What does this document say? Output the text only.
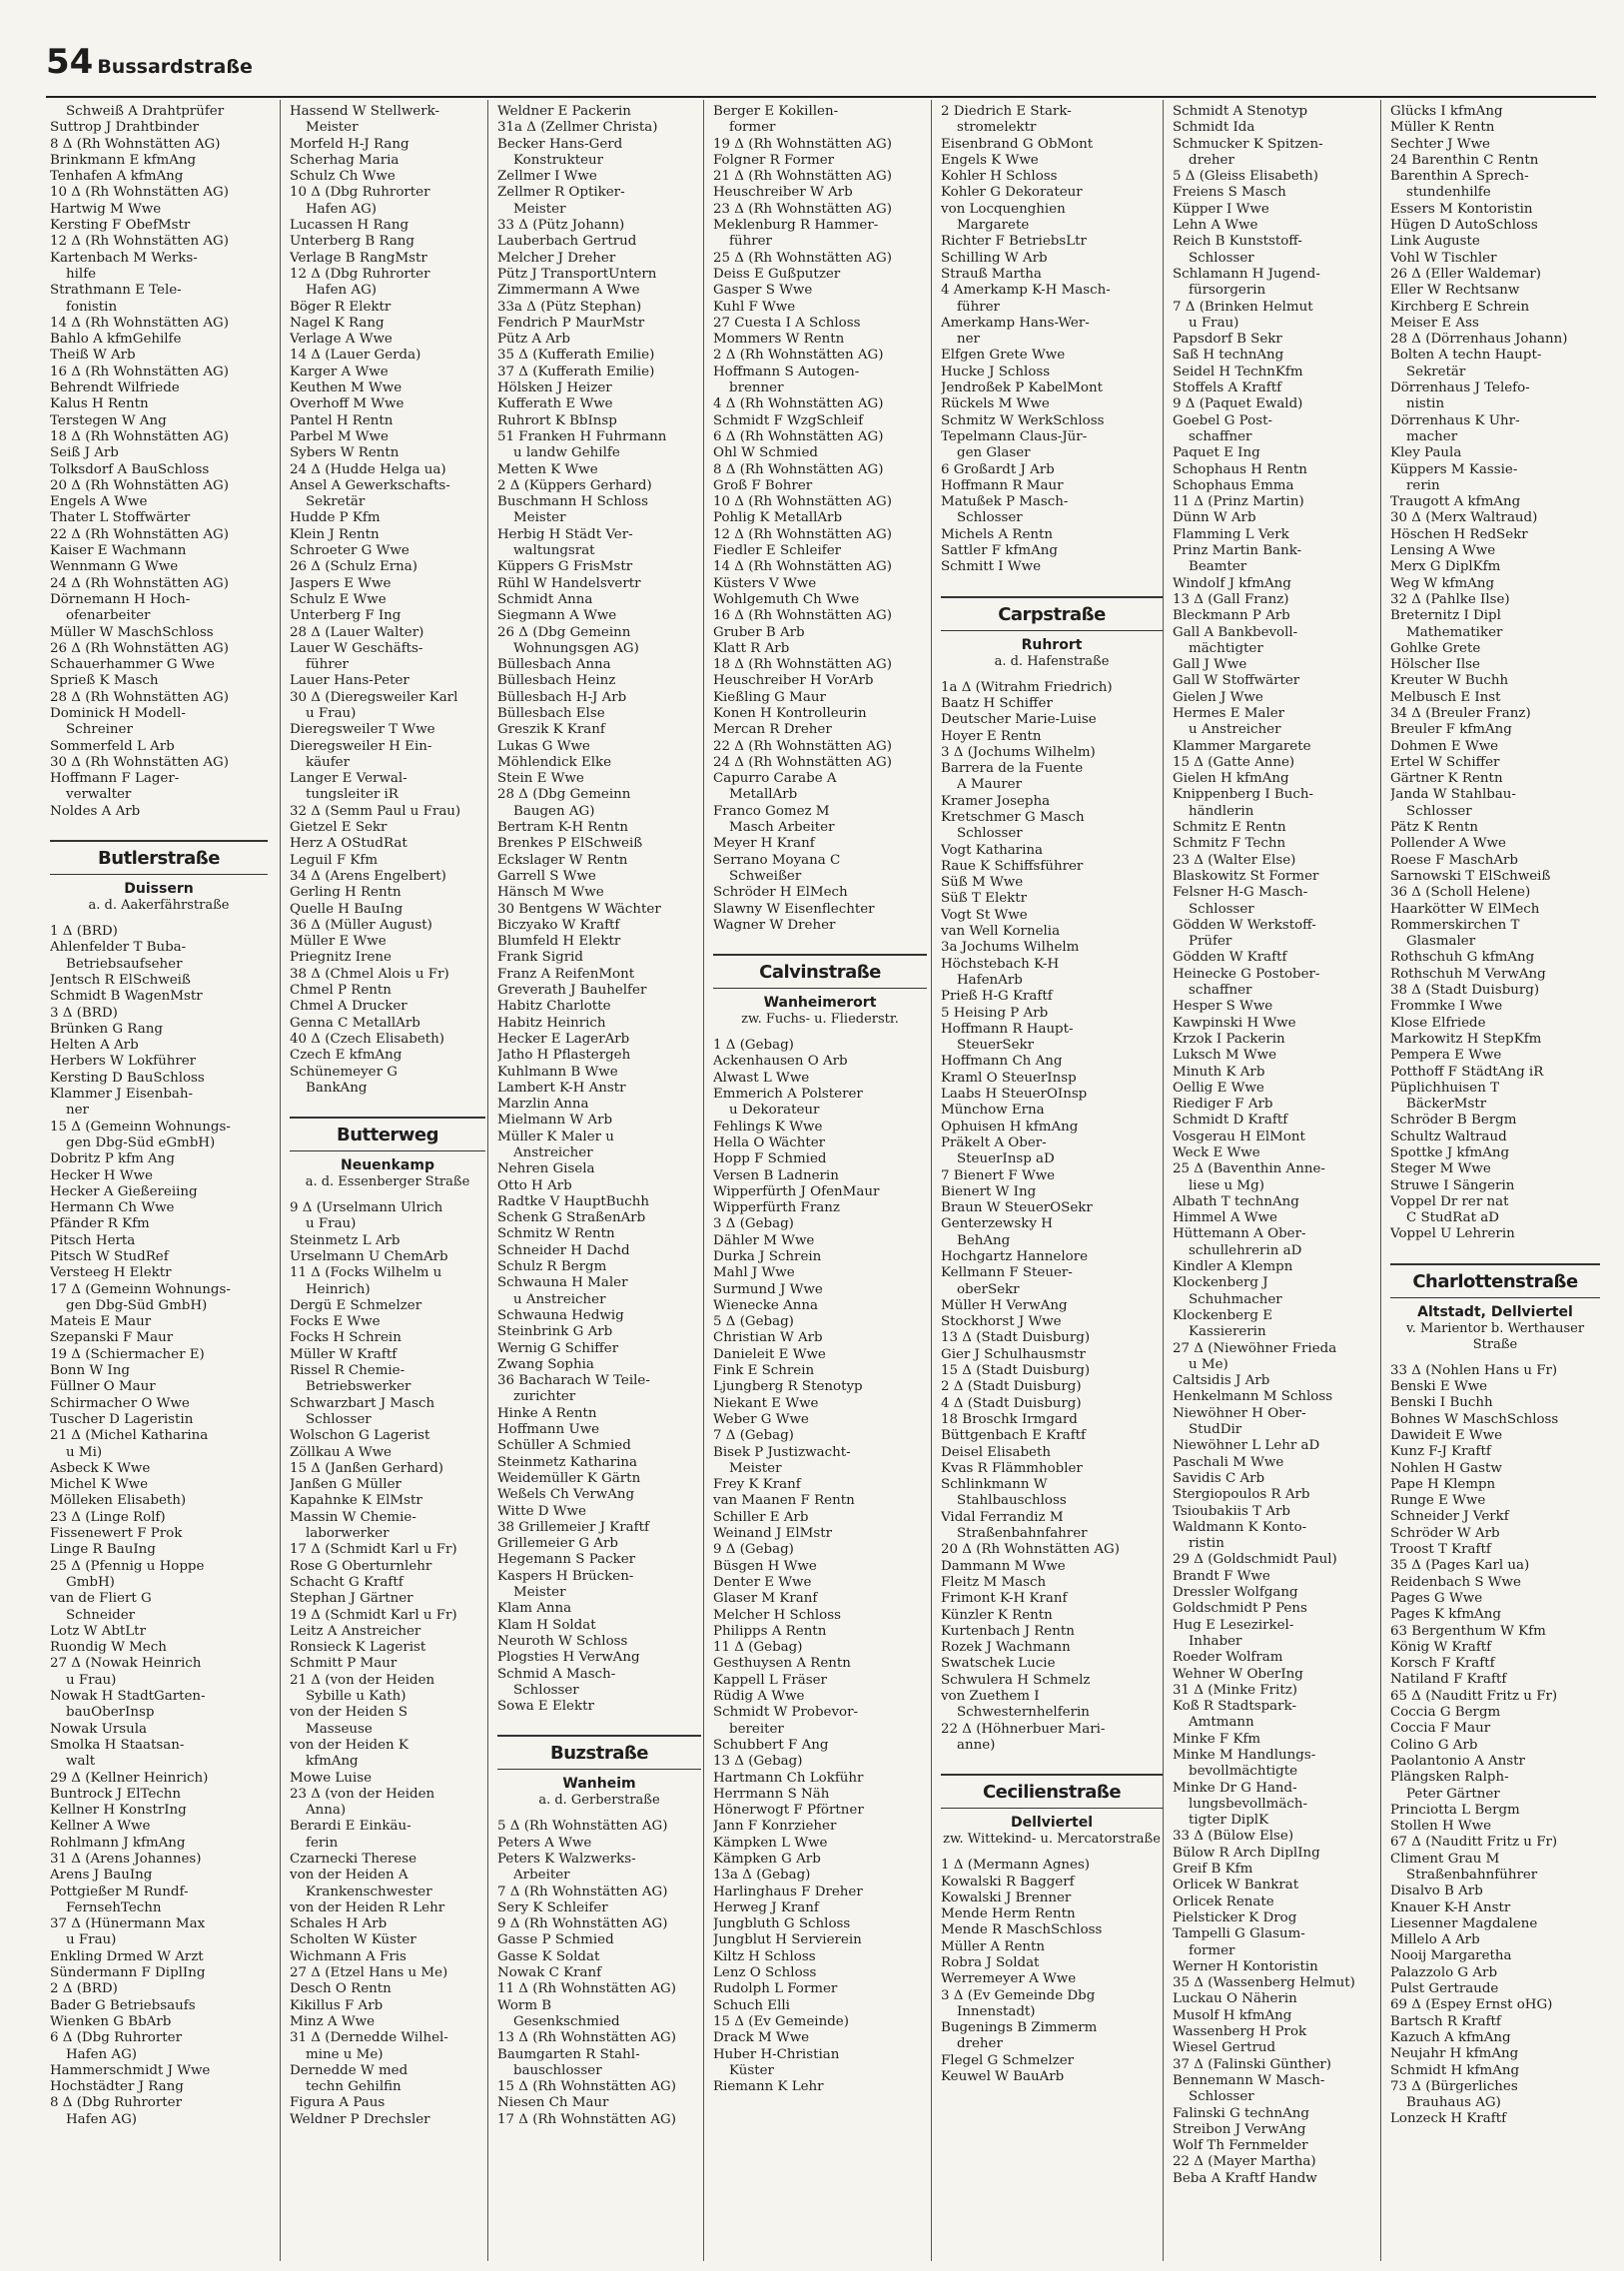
54 Bussardstraße
Schweiß A Drahtprüfer
Suttrop J Drahtbinder
8 Δ (Rh Wohnstätten AG)
Brinkmann E kfmAng
Tenhafen A kfmAng
10 Δ (Rh Wohnstätten AG)
Hartwig M Wwe
Kersting F ObefMstr
12 Δ (Rh Wohnstätten AG)
Kartenbach M Werks-
hilfe
Strathmann E Tele-
fonistin
14 Δ (Rh Wohnstätten AG)
Bahlo A kfmGehilfe
Theiß W Arb
16 Δ (Rh Wohnstätten AG)
Behrendt Wilfriede
Kalus H Rentn
Terstegen W Ang
18 Δ (Rh Wohnstätten AG)
Seiß J Arb
Tolksdorf A BauSchloss
20 Δ (Rh Wohnstätten AG)
Engels A Wwe
Thater L Stoffwärter
22 Δ (Rh Wohnstätten AG)
Kaiser E Wachmann
Wennmann G Wwe
24 Δ (Rh Wohnstätten AG)
Dörnemann H Hoch-
ofenarbeiter
Müller W MaschSchloss
26 Δ (Rh Wohnstätten AG)
Schauerhammer G Wwe
Sprieß K Masch
28 Δ (Rh Wohnstätten AG)
Dominick H Modell-
Schreiner
Sommerfeld L Arb
30 Δ (Rh Wohnstätten AG)
Hoffmann F Lager-
verwalter
Noldes A Arb
Butlerstraße
Duissern
a. d. Aakerfährstraße
1 Δ (BRD)
Ahlenfelder T Buba-
Betriebsaufseher
Jentsch R ElSchweiß
Schmidt B WagenMstr
3 Δ (BRD)
Brünken G Rang
Helten A Arb
Herbers W Lokführer
Kersting D BauSchloss
Klammer J Eisenbah-
ner
15 Δ (Gemeinn Wohnungs-
gen Dbg-Süd eGmbH)
Dobritz P kfm Ang
Hecker H Wwe
Hecker A Gießereiing
Hermann Ch Wwe
Pfänder R Kfm
Pitsch Herta
Pitsch W StudRef
Versteeg H Elektr
17 Δ (Gemeinn Wohnungs-
gen Dbg-Süd GmbH)
Mateis E Maur
Szepanski F Maur
19 Δ (Schiermacher E)
Bonn W Ing
Füllner O Maur
Schirmacher O Wwe
Tuscher D Lageristin
21 Δ (Michel Katharina
u Mi)
Asbeck K Wwe
Michel K Wwe
Mölleken Elisabeth)
23 Δ (Linge Rolf)
Fissenewert F Prok
Linge R BauIng
25 Δ (Pfennig u Hoppe
GmbH)
van de Fliert G
Schneider
Lotz W AbtLtr
Ruondig W Mech
27 Δ (Nowak Heinrich
u Frau)
Nowak H StadtGarten-
bauOberInsp
Nowak Ursula
Smolka H Staatsan-
walt
29 Δ (Kellner Heinrich)
Buntrock J ElTechn
Kellner H KonstrIng
Kellner A Wwe
Rohlmann J kfmAng
31 Δ (Arens Johannes)
Arens J BauIng
Pottgießer M Rundf-
FernsehTechn
37 Δ (Hünermann Max
u Frau)
Enkling Drmed W Arzt
Sündermann F DiplIng
2 Δ (BRD)
Bader G Betriebsaufs
Wienken G BbArb
6 Δ (Dbg Ruhrorter
Hafen AG)
Hammerschmidt J Wwe
Hochstädter J Rang
8 Δ (Dbg Ruhrorter
Hafen AG)
Hassend W Stellwerk-
Meister
Morfeld H-J Rang
Scherhag Maria
Schulz Ch Wwe
10 Δ (Dbg Ruhrorter
Hafen AG)
Lucassen H Rang
Unterberg B Rang
Verlage B RangMstr
12 Δ (Dbg Ruhrorter
Hafen AG)
Böger R Elektr
Nagel K Rang
Verlage A Wwe
14 Δ (Lauer Gerda)
Karger A Wwe
Keuthen M Wwe
Overhoff M Wwe
Pantel H Rentn
Parbel M Wwe
Sybers W Rentn
24 Δ (Hudde Helga ua)
Ansel A Gewerkschafts-
Sekretär
Hudde P Kfm
Klein J Rentn
Schroeter G Wwe
26 Δ (Schulz Erna)
Jaspers E Wwe
Schulz E Wwe
Unterberg F Ing
28 Δ (Lauer Walter)
Lauer W Geschäfts-
führer
Lauer Hans-Peter
30 Δ (Dieregsweiler Karl
u Frau)
Dieregsweiler T Wwe
Dieregsweiler H Ein-
käufer
Langer E Verwal-
tungsleiter iR
32 Δ (Semm Paul u Frau)
Gietzel E Sekr
Herz A OStudRat
Leguil F Kfm
34 Δ (Arens Engelbert)
Gerling H Rentn
Quelle H BauIng
36 Δ (Müller August)
Müller E Wwe
Priegnitz Irene
38 Δ (Chmel Alois u Fr)
Chmel P Rentn
Chmel A Drucker
Genna C MetallArb
40 Δ (Czech Elisabeth)
Czech E kfmAng
Schünemeyer G
BankAng
Butterweg
Neuenkamp
a. d. Essenberger Straße
9 Δ (Urselmann Ulrich
u Frau)
Steinmetz L Arb
Urselmann U ChemArb
11 Δ (Focks Wilhelm u
Heinrich)
Dergü E Schmelzer
Focks E Wwe
Focks H Schrein
Müller W Kraftf
Rissel R Chemie-
Betriebswerker
Schwarzbart J Masch
Schlosser
Wolschon G Lagerist
Zöllkau A Wwe
15 Δ (Janßen Gerhard)
Janßen G Müller
Kapahnke K ElMstr
Massin W Chemie-
laborwerker
17 Δ (Schmidt Karl u Fr)
Rose G Oberturnlehr
Schacht G Kraftf
Stephan J Gärtner
19 Δ (Schmidt Karl u Fr)
Leitz A Anstreicher
Ronsieck K Lagerist
Schmitt P Maur
21 Δ (von der Heiden
Sybille u Kath)
von der Heiden S
Masseuse
von der Heiden K
kfmAng
Mowe Luise
23 Δ (von der Heiden
Anna)
Berardi E Einkäu-
ferin
Czarnecki Therese
von der Heiden A
Krankenschwester
von der Heiden R Lehr
Schales H Arb
Scholten W Küster
Wichmann A Fris
27 Δ (Etzel Hans u Me)
Desch O Rentn
Kikillus F Arb
Minz A Wwe
31 Δ (Dernedde Wilhel-
mine u Me)
Dernedde W med
techn Gehilfin
Figura A Paus
Weldner P Drechsler
Weldner E Packerin
31a Δ (Zellmer Christa)
Becker Hans-Gerd
Konstrukteur
Zellmer I Wwe
Zellmer R Optiker-
Meister
33 Δ (Pütz Johann)
Lauberbach Gertrud
Melcher J Dreher
Pütz J TransportUntern
Zimmermann A Wwe
33a Δ (Pütz Stephan)
Fendrich P MaurMstr
Pütz A Arb
35 Δ (Kufferath Emilie)
37 Δ (Kufferath Emilie)
Hölsken J Heizer
Kufferath E Wwe
Ruhrort K BbInsp
51 Franken H Fuhrmann
u landw Gehilfe
Metten K Wwe
2 Δ (Küppers Gerhard)
Buschmann H Schloss
Meister
Herbig H Städt Ver-
waltungsrat
Küppers G FrisMstr
Rühl W Handelsvertr
Schmidt Anna
Siegmann A Wwe
26 Δ (Dbg Gemeinn
Wohnungsgen AG)
Büllesbach Anna
Büllesbach Heinz
Büllesbach H-J Arb
Büllesbach Else
Greszik K Kranf
Lukas G Wwe
Möhlendick Elke
Stein E Wwe
28 Δ (Dbg Gemeinn
Baugen AG)
Bertram K-H Rentn
Brenkes P ElSchweiß
Eckslager W Rentn
Garrell S Wwe
Hänsch M Wwe
30 Bentgens W Wächter
Biczyako W Kraftf
Blumfeld H Elektr
Frank Sigrid
Franz A ReifenMont
Greverath J Bauhelfer
Habitz Charlotte
Habitz Heinrich
Hecker E LagerArb
Jatho H Pflastergeh
Kuhlmann B Wwe
Lambert K-H Anstr
Marzlin Anna
Mielmann W Arb
Müller K Maler u
Anstreicher
Nehren Gisela
Otto H Arb
Radtke V HauptBuchh
Schenk G StraßenArb
Schmitz W Rentn
Schneider H Dachd
Schulz R Bergm
Schwauna H Maler
u Anstreicher
Schwauna Hedwig
Steinbrink G Arb
Wernig G Schiffer
Zwang Sophia
36 Bacharach W Teile-
zurichter
Hinke A Rentn
Hoffmann Uwe
Schüller A Schmied
Steinmetz Katharina
Weidemüller K Gärtn
Weßels Ch VerwAng
Witte D Wwe
38 Grillemeier J Kraftf
Grillemeier G Arb
Hegemann S Packer
Kaspers H Brücken-
Meister
Klam Anna
Klam H Soldat
Neuroth W Schloss
Plogsties H VerwAng
Schmid A Masch-
Schlosser
Sowa E Elektr
Buzstraße
Wanheim
a. d. Gerberstraße
5 Δ (Rh Wohnstätten AG)
Peters A Wwe
Peters K Walzwerks-
Arbeiter
7 Δ (Rh Wohnstätten AG)
Sery K Schleifer
9 Δ (Rh Wohnstätten AG)
Gasse P Schmied
Gasse K Soldat
Nowak C Kranf
11 Δ (Rh Wohnstätten AG)
Worm B
Gesenkschmied
13 Δ (Rh Wohnstätten AG)
Baumgarten R Stahl-
bauschlosser
15 Δ (Rh Wohnstätten AG)
Niesen Ch Maur
17 Δ (Rh Wohnstätten AG)
Berger E Kokillen-
former
19 Δ (Rh Wohnstätten AG)
Folgner R Former
21 Δ (Rh Wohnstätten AG)
Heuschreiber W Arb
23 Δ (Rh Wohnstätten AG)
Meklenburg R Hammer-
führer
25 Δ (Rh Wohnstätten AG)
Deiss E Gußputzer
Gasper S Wwe
Kuhl F Wwe
27 Cuesta I A Schloss
Mommers W Rentn
2 Δ (Rh Wohnstätten AG)
Hoffmann S Autogen-
brenner
4 Δ (Rh Wohnstätten AG)
Schmidt F WzgSchleif
6 Δ (Rh Wohnstätten AG)
Ohl W Schmied
8 Δ (Rh Wohnstätten AG)
Groß F Bohrer
10 Δ (Rh Wohnstätten AG)
Pohlig K MetallArb
12 Δ (Rh Wohnstätten AG)
Fiedler E Schleifer
14 Δ (Rh Wohnstätten AG)
Küsters V Wwe
Wohlgemuth Ch Wwe
16 Δ (Rh Wohnstätten AG)
Gruber B Arb
Klatt R Arb
18 Δ (Rh Wohnstätten AG)
Heuschreiber H VorArb
Kießling G Maur
Konen H Kontrolleurin
Mercan R Dreher
22 Δ (Rh Wohnstätten AG)
24 Δ (Rh Wohnstätten AG)
Capurro Carabe A
MetallArb
Franco Gomez M
Masch Arbeiter
Meyer H Kranf
Serrano Moyana C
Schweißer
Schröder H ElMech
Slawny W Eisenflechter
Wagner W Dreher
Calvinstraße
Wanheimerort
zw. Fuchs- u. Fliederstr.
1 Δ (Gebag)
Ackenhausen O Arb
Alwast L Wwe
Emmerich A Polsterer
u Dekorateur
Fehlings K Wwe
Hella O Wächter
Hopp F Schmied
Versen B Ladnerin
Wipperfürth J OfenMaur
Wipperfürth Franz
3 Δ (Gebag)
Dähler M Wwe
Durka J Schrein
Mahl J Wwe
Surmund J Wwe
Wienecke Anna
5 Δ (Gebag)
Christian W Arb
Danieleit E Wwe
Fink E Schrein
Ljungberg R Stenotyp
Niekant E Wwe
Weber G Wwe
7 Δ (Gebag)
Bisek P Justizwacht-
Meister
Frey K Kranf
van Maanen F Rentn
Schiller E Arb
Weinand J ElMstr
9 Δ (Gebag)
Büsgen H Wwe
Denter E Wwe
Glaser M Kranf
Melcher H Schloss
Philipps A Rentn
11 Δ (Gebag)
Gesthuysen A Rentn
Kappell L Fräser
Rüdig A Wwe
Schmidt W Probevor-
bereiter
Schubbert F Ang
13 Δ (Gebag)
Hartmann Ch Lokführ
Herrmann S Näh
Hönerwogt F Pförtner
Jann F Konrzieher
Kämpken L Wwe
Kämpken G Arb
13a Δ (Gebag)
Harlinghaus F Dreher
Herweg J Kranf
Jungbluth G Schloss
Jungblut H Servierein
Kiltz H Schloss
Lenz O Schloss
Rudolph L Former
Schuch Elli
15 Δ (Ev Gemeinde)
Drack M Wwe
Huber H-Christian
Küster
Riemann K Lehr
2 Diedrich E Stark-
stromelektr
Eisenbrand G ObMont
Engels K Wwe
Kohler H Schloss
Kohler G Dekorateur
von Locquenghien
Margarete
Richter F BetriebsLtr
Schilling W Arb
Strauß Martha
4 Amerkamp K-H Masch-
führer
Amerkamp Hans-Wer-
ner
Elfgen Grete Wwe
Hucke J Schloss
Jendroßek P KabelMont
Rückels M Wwe
Schmitz W WerkSchloss
Tepelmann Claus-Jür-
gen Glaser
6 Großardt J Arb
Hoffmann R Maur
Matußek P Masch-
Schlosser
Michels A Rentn
Sattler F kfmAng
Schmitt I Wwe
Carpstraße
Ruhrort
a. d. Hafenstraße
1a Δ (Witrahm Friedrich)
Baatz H Schiffer
Deutscher Marie-Luise
Hoyer E Rentn
3 Δ (Jochums Wilhelm)
Barrera de la Fuente
A Maurer
Kramer Josepha
Kretschmer G Masch
Schlosser
Vogt Katharina
Raue K Schiffsführer
Süß M Wwe
Süß T Elektr
Vogt St Wwe
van Well Kornelia
3a Jochums Wilhelm
Höchstebach K-H
HafenArb
Prieß H-G Kraftf
5 Heising P Arb
Hoffmann R Haupt-
SteuerSekr
Hoffmann Ch Ang
Kraml O SteuerInsp
Laabs H SteuerOInsp
Münchow Erna
Ophuisen H kfmAng
Präkelt A Ober-
SteuerInsp aD
7 Bienert F Wwe
Bienert W Ing
Braun W SteuerOSekr
Genterzewsky H
BehAng
Hochgartz Hannelore
Kellmann F Steuer-
oberSekr
Müller H VerwAng
Stockhorst J Wwe
13 Δ (Stadt Duisburg)
Gier J Schulhausmstr
15 Δ (Stadt Duisburg)
2 Δ (Stadt Duisburg)
4 Δ (Stadt Duisburg)
18 Broschk Irmgard
Büttgenbach E Kraftf
Deisel Elisabeth
Kvas R Flämmhobler
Schlinkmann W
Stahlbauschloss
Vidal Ferrandiz M
Straßenbahnfahrer
20 Δ (Rh Wohnstätten AG)
Dammann M Wwe
Fleitz M Masch
Frimont K-H Kranf
Künzler K Rentn
Kurtenbach J Rentn
Rozek J Wachmann
Swatschek Lucie
Schwulera H Schmelz
von Zuethem I
Schwesternhelferin
22 Δ (Höhnerbuer Mari-
anne)
Cecilienstraße
Dellviertel
zw. Wittekind- u. Mercatorstraße
1 Δ (Mermann Agnes)
Kowalski R Baggerf
Kowalski J Brenner
Mende Herm Rentn
Mende R MaschSchloss
Müller A Rentn
Robra J Soldat
Werremeyer A Wwe
3 Δ (Ev Gemeinde Dbg
Innenstadt)
Bugenings B Zimmerm
dreher
Flegel G Schmelzer
Keuwel W BauArb
Schmidt A Stenotyp
Schmidt Ida
Schmucker K Spitzen-
dreher
5 Δ (Gleiss Elisabeth)
Freiens S Masch
Küpper I Wwe
Lehn A Wwe
Reich B Kunststoff-
Schlosser
Schlamann H Jugend-
fürsorgerin
7 Δ (Brinken Helmut
u Frau)
Papsdorf B Sekr
Saß H technAng
Seidel H TechnKfm
Stoffels A Kraftf
9 Δ (Paquet Ewald)
Goebel G Post-
schaffner
Paquet E Ing
Schophaus H Rentn
Schophaus Emma
11 Δ (Prinz Martin)
Dünn W Arb
Flamming L Verk
Prinz Martin Bank-
Beamter
Windolf J kfmAng
13 Δ (Gall Franz)
Bleckmann P Arb
Gall A Bankbevoll-
mächtigter
Gall J Wwe
Gall W Stoffwärter
Gielen J Wwe
Hermes E Maler
u Anstreicher
Klammer Margarete
15 Δ (Gatte Anne)
Gielen H kfmAng
Knippenberg I Buch-
händlerin
Schmitz E Rentn
Schmitz F Techn
23 Δ (Walter Else)
Blaskowitz St Former
Felsner H-G Masch-
Schlosser
Gödden W Werkstoff-
Prüfer
Gödden W Kraftf
Heinecke G Postober-
schaffner
Hesper S Wwe
Kawpinski H Wwe
Krzok I Packerin
Luksch M Wwe
Minuth K Arb
Oellig E Wwe
Riediger F Arb
Schmidt D Kraftf
Vosgerau H ElMont
Weck E Wwe
25 Δ (Baventhin Anne-
liese u Mg)
Albath T technAng
Himmel A Wwe
Hüttemann A Ober-
schullehrerin aD
Kindler A Klempn
Klockenberg J
Schuhmacher
Klockenberg E
Kassiererin
27 Δ (Niewöhner Frieda
u Me)
Caltsidis J Arb
Henkelmann M Schloss
Niewöhner H Ober-
StudDir
Niewöhner L Lehr aD
Paschali M Wwe
Savidis C Arb
Stergiopoulos R Arb
Tsioubakiis T Arb
Waldmann K Konto-
ristin
29 Δ (Goldschmidt Paul)
Brandt F Wwe
Dressler Wolfgang
Goldschmidt P Pens
Hug E Lesezirkel-
Inhaber
Roeder Wolfram
Wehner W OberIng
31 Δ (Minke Fritz)
Koß R Stadtspark-
Amtmann
Minke F Kfm
Minke M Handlungs-
bevollmächtigte
Minke Dr G Hand-
lungsbevollmäch-
tigter DiplK
33 Δ (Bülow Else)
Bülow R Arch DiplIng
Greif B Kfm
Orlicek W Bankrat
Orlicek Renate
Pielsticker K Drog
Tampelli G Glasum-
former
Werner H Kontoristin
35 Δ (Wassenberg Helmut)
Luckau O Näherin
Musolf H kfmAng
Wassenberg H Prok
Wiesel Gertrud
37 Δ (Falinski Günther)
Bennemann W Masch-
Schlosser
Falinski G technAng
Streibon J VerwAng
Wolf Th Fernmelder
22 Δ (Mayer Martha)
Beba A Kraftf Handw
Glücks I kfmAng
Müller K Rentn
Sechter J Wwe
24 Barenthin C Rentn
Barenthin A Sprech-
stundenhilfe
Essers M Kontoristin
Hügen D AutoSchloss
Link Auguste
Vohl W Tischler
26 Δ (Eller Waldemar)
Eller W Rechtsanw
Kirchberg E Schrein
Meiser E Ass
28 Δ (Dörrenhaus Johann)
Bolten A techn Haupt-
Sekretär
Dörrenhaus J Telefo-
nistin
Dörrenhaus K Uhr-
macher
Kley Paula
Küppers M Kassie-
rerin
Traugott A kfmAng
30 Δ (Merx Waltraud)
Höschen H RedSekr
Lensing A Wwe
Merx G DiplKfm
Weg W kfmAng
32 Δ (Pahlke Ilse)
Breternitz I Dipl
Mathematiker
Gohlke Grete
Hölscher Ilse
Kreuter W Buchh
Melbusch E Inst
34 Δ (Breuler Franz)
Breuler F kfmAng
Dohmen E Wwe
Ertel W Schiffer
Gärtner K Rentn
Janda W Stahlbau-
Schlosser
Pätz K Rentn
Pollender A Wwe
Roese F MaschArb
Sarnowski T ElSchweiß
36 Δ (Scholl Helene)
Haarkötter W ElMech
Rommerskirchen T
Glasmaler
Rothschuh G kfmAng
Rothschuh M VerwAng
38 Δ (Stadt Duisburg)
Frommke I Wwe
Klose Elfriede
Markowitz H StepKfm
Pempera E Wwe
Potthoff F StädtAng iR
Püplichhuisen T
BäckerMstr
Schröder B Bergm
Schultz Waltraud
Spottke J kfmAng
Steger M Wwe
Struwe I Sängerin
Voppel Dr rer nat
C StudRat aD
Voppel U Lehrerin
Charlottenstraße
Altstadt, Dellviertel
v. Marientor b. Werthauser Straße
33 Δ (Nohlen Hans u Fr)
Benski E Wwe
Benski I Buchh
Bohnes W MaschSchloss
Dawideit E Wwe
Kunz F-J Kraftf
Nohlen H Gastw
Pape H Klempn
Runge E Wwe
Schneider J Verkf
Schröder W Arb
Troost T Kraftf
35 Δ (Pages Karl ua)
Reidenbach S Wwe
Pages G Wwe
Pages K kfmAng
63 Bergenthum W Kfm
König W Kraftf
Korsch F Kraftf
Natiland F Kraftf
65 Δ (Nauditt Fritz u Fr)
Coccia G Bergm
Coccia F Maur
Colino G Arb
Paolantonio A Anstr
Plängsken Ralph-
Peter Gärtner
Princiotta L Bergm
Stollen H Wwe
67 Δ (Nauditt Fritz u Fr)
Climent Grau M
Straßenbahnführer
Disalvo B Arb
Knauer K-H Anstr
Liesenner Magdalene
Millelo A Arb
Nooij Margaretha
Palazzolo G Arb
Pulst Gertraude
69 Δ (Espey Ernst oHG)
Bartsch R Kraftf
Kazuch A kfmAng
Neujahr H kfmAng
Schmidt H kfmAng
73 Δ (Bürgerliches
Brauhaus AG)
Lonzeck H Kraftf
